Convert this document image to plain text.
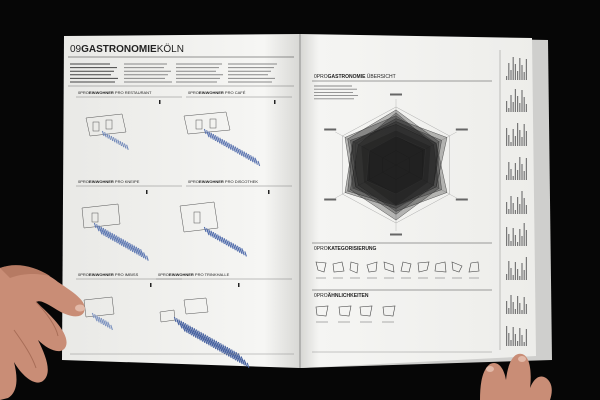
09GASTRONOMIEKÖLN
0PROEINWOHNER PRO RESTAURANT	0PROEINWOHNER PRO CAFÉ
0PROEINWOHNER PRO KNEIPE	0PROEINWOHNER PRO DISCOTHEK
0PROEINWOHNER PRO IMBISS	0PROEINWOHNER PRO TRINKHALLE
0PROGASTRONOMIE ÜBERSICHT
0PROKATEGORISIERUNG
0PROÄHNLICHKEITEN
